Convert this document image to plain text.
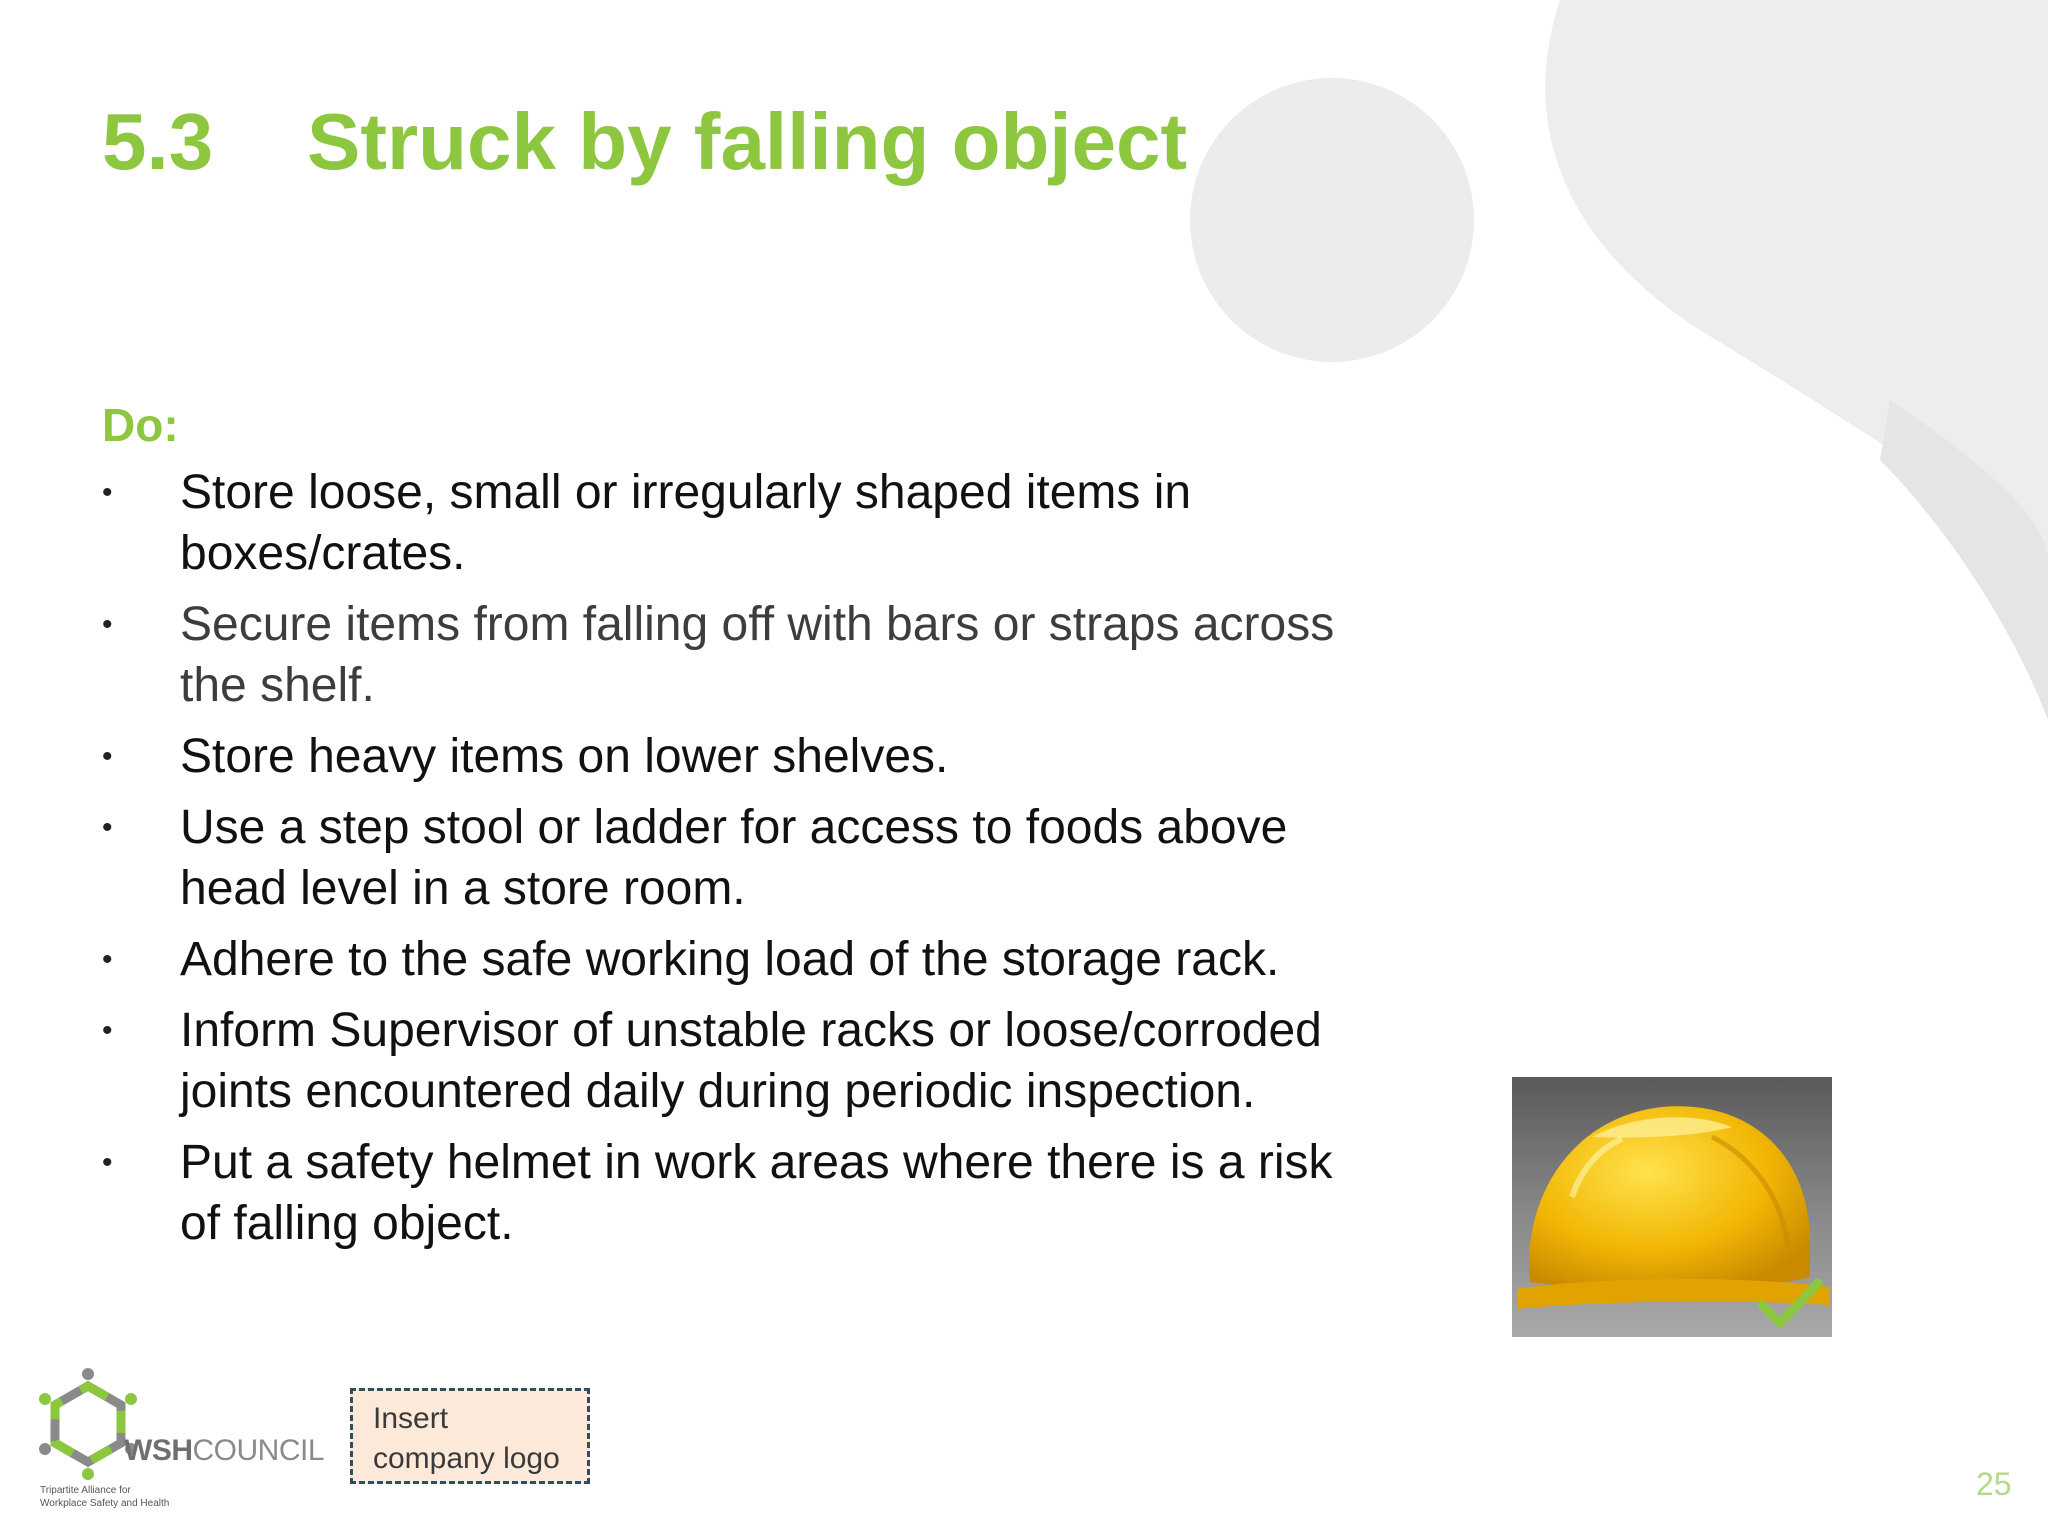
5.3 Struck by falling object
Do:
• Store loose, small or irregularly shaped items in boxes/crates.
• Secure items from falling off with bars or straps across the shelf.
• Store heavy items on lower shelves.
• Use a step stool or ladder for access to foods above head level in a store room.
• Adhere to the safe working load of the storage rack.
• Inform Supervisor of unstable racks or loose/corroded joints encountered daily during periodic inspection.
• Put a safety helmet in work areas where there is a risk of falling object.
WSHCOUNCIL
Tripartite Alliance for
Workplace Safety and Health
Insert company logo
25
